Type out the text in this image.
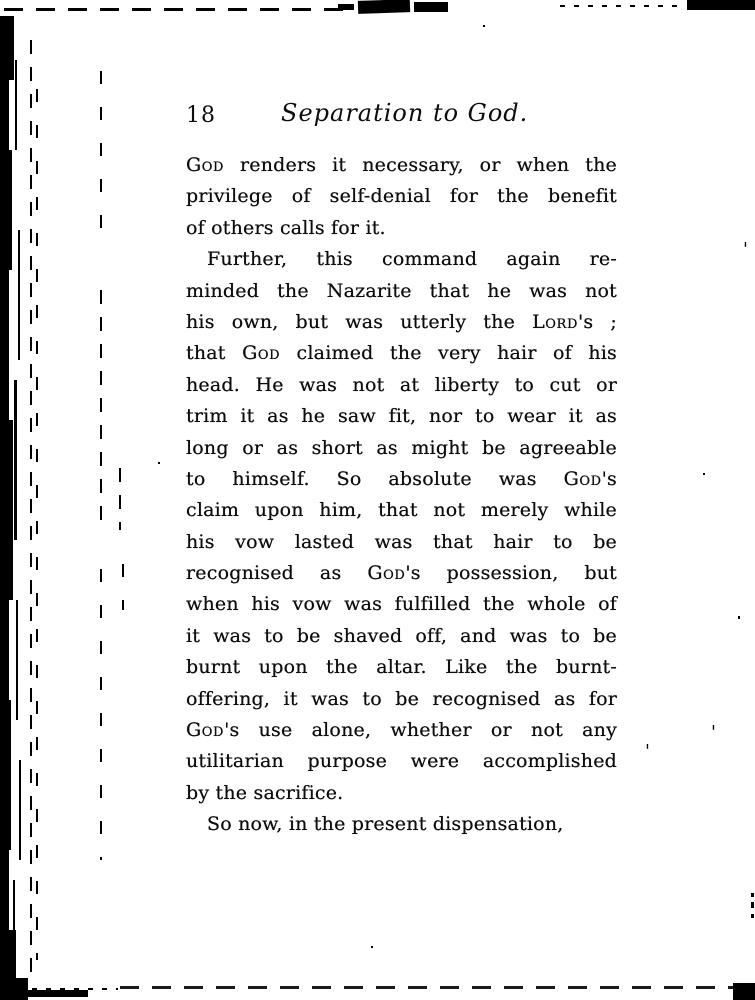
18	Separation to God.
God renders it necessary, or when the
privilege of self-denial for the benefit
of others calls for it.
Further, this command again re-
minded the Nazarite that he was not
his own, but was utterly the Lord's ;
that God claimed the very hair of his
head. He was not at liberty to cut or
trim it as he saw fit, nor to wear it as
long or as short as might be agreeable
to himself. So absolute was God's
claim upon him, that not merely while
his vow lasted was that hair to be
recognised as God's possession, but
when his vow was fulfilled the whole of
it was to be shaved off, and was to be
burnt upon the altar. Like the burnt-
offering, it was to be recognised as for
God's use alone, whether or not any
utilitarian purpose were accomplished
by the sacrifice.
So now, in the present dispensation,
'
'
'
